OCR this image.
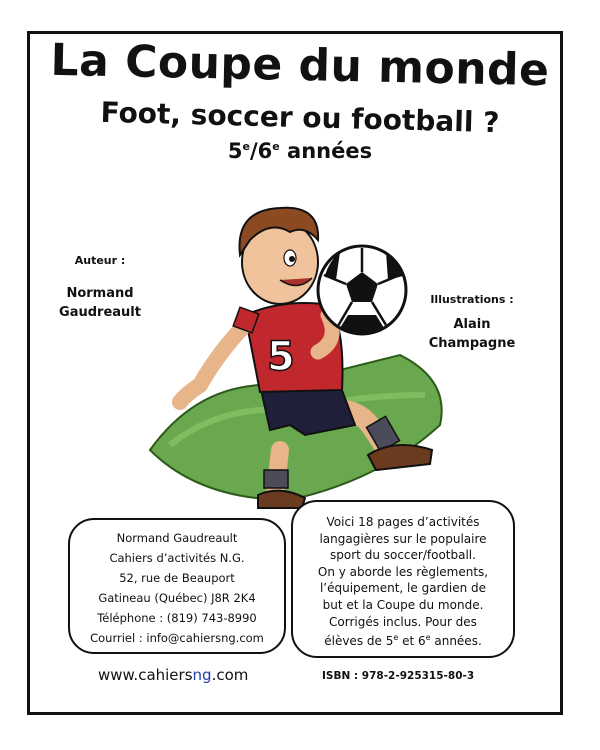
La Coupe du monde
Foot, soccer ou football ?
5e/6e années
Auteur :
Normand
Gaudreault
Illustrations :
Alain
Champagne
5
Normand Gaudreault
Cahiers d’activités N.G.
52, rue de Beauport
Gatineau (Québec) J8R 2K4
Téléphone : (819) 743-8990
Courriel : info@cahiersng.com
Voici 18 pages d’activités
langagières sur le populaire
sport du soccer/football.
On y aborde les règlements,
l’équipement, le gardien de
but et la Coupe du monde.
Corrigés inclus. Pour des
élèves de 5e et 6e années.
www.cahiersng.com	ISBN : 978-2-925315-80-3
